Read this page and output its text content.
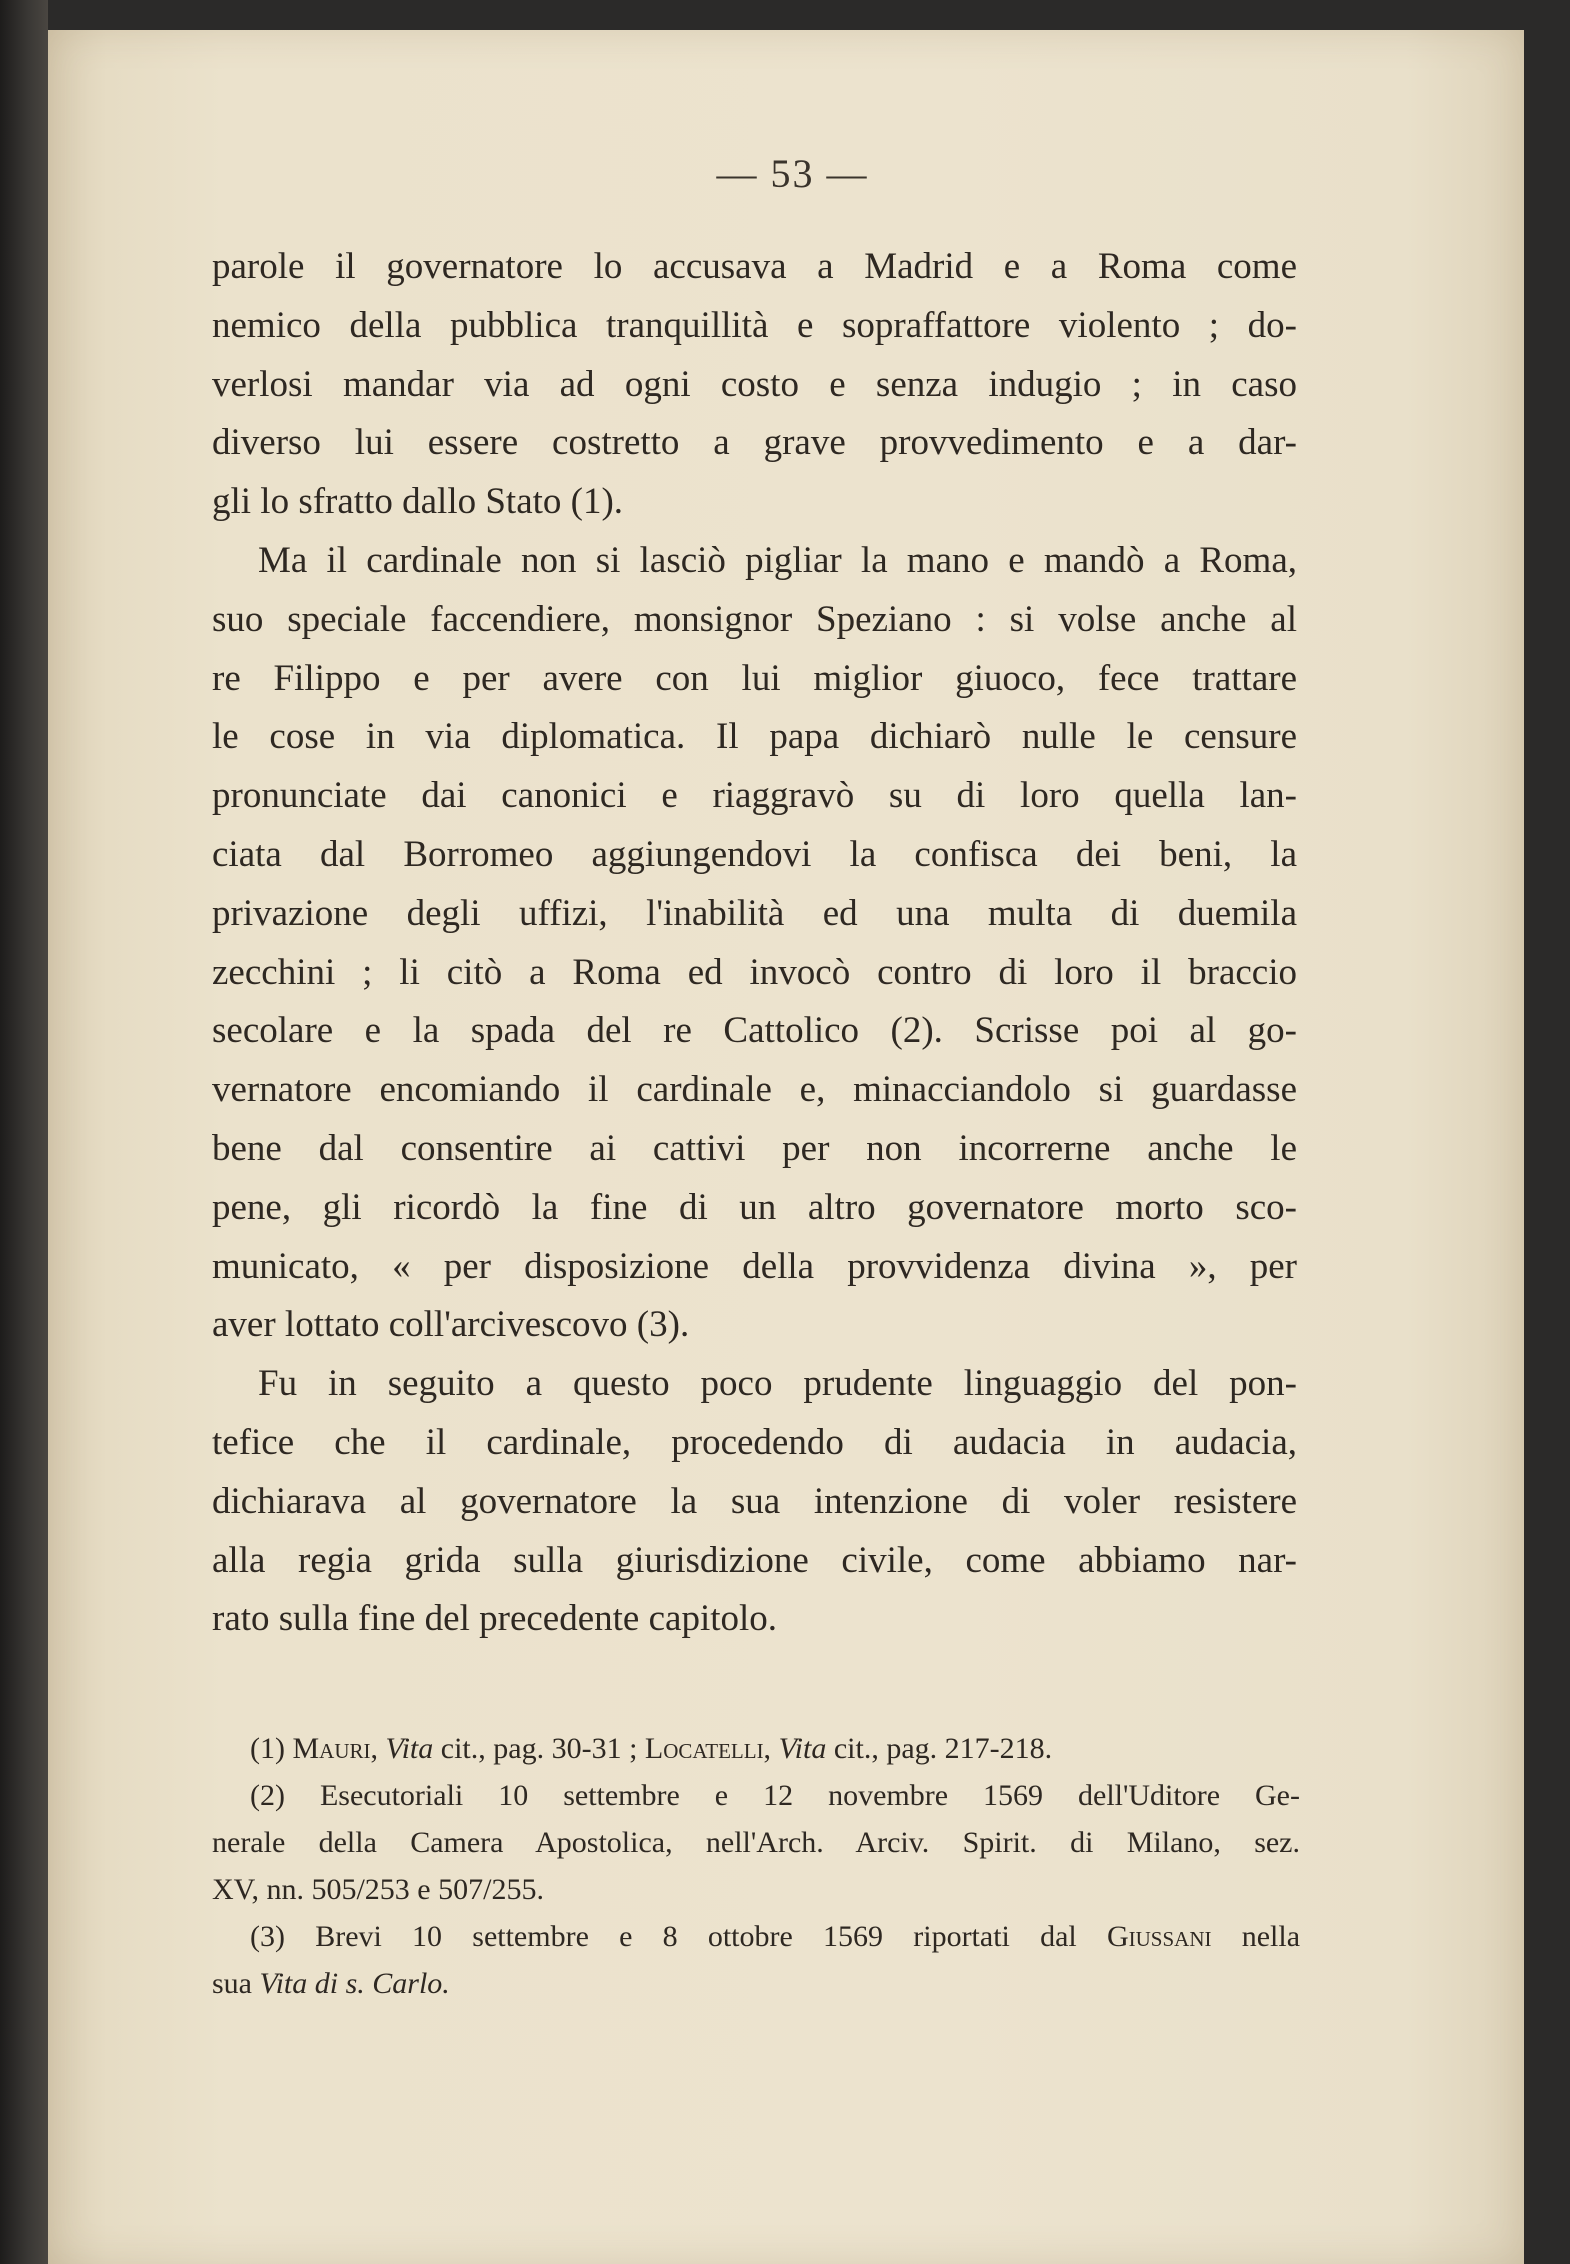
— 53 —

parole il governatore lo accusava a Madrid e a Roma come
nemico della pubblica tranquillità e sopraffattore violento ; do-
verlosi mandar via ad ogni costo e senza indugio ; in caso
diverso lui essere costretto a grave provvedimento e a dar-
gli lo sfratto dallo Stato (1).

Ma il cardinale non si lasciò pigliar la mano e mandò a Roma,
suo speciale faccendiere, monsignor Speziano : si volse anche al
re Filippo e per avere con lui miglior giuoco, fece trattare
le cose in via diplomatica. Il papa dichiarò nulle le censure
pronunciate dai canonici e riaggravò su di loro quella lan-
ciata dal Borromeo aggiungendovi la confisca dei beni, la
privazione degli uffizi, l'inabilità ed una multa di duemila
zecchini ; li citò a Roma ed invocò contro di loro il braccio
secolare e la spada del re Cattolico (2). Scrisse poi al go-
vernatore encomiando il cardinale e, minacciandolo si guardasse
bene dal consentire ai cattivi per non incorrerne anche le
pene, gli ricordò la fine di un altro governatore morto sco-
municato, « per disposizione della provvidenza divina », per
aver lottato coll'arcivescovo (3).

Fu in seguito a questo poco prudente linguaggio del pon-
tefice che il cardinale, procedendo di audacia in audacia,
dichiarava al governatore la sua intenzione di voler resistere
alla regia grida sulla giurisdizione civile, come abbiamo nar-
rato sulla fine del precedente capitolo.

(1) Mauri, Vita cit., pag. 30-31 ; Locatelli, Vita cit., pag. 217-218.
(2) Esecutoriali 10 settembre e 12 novembre 1569 dell'Uditore Ge-
nerale della Camera Apostolica, nell'Arch. Arciv. Spirit. di Milano, sez.
XV, nn. 505/253 e 507/255.
(3) Brevi 10 settembre e 8 ottobre 1569 riportati dal Giussani nella
sua Vita di s. Carlo.
